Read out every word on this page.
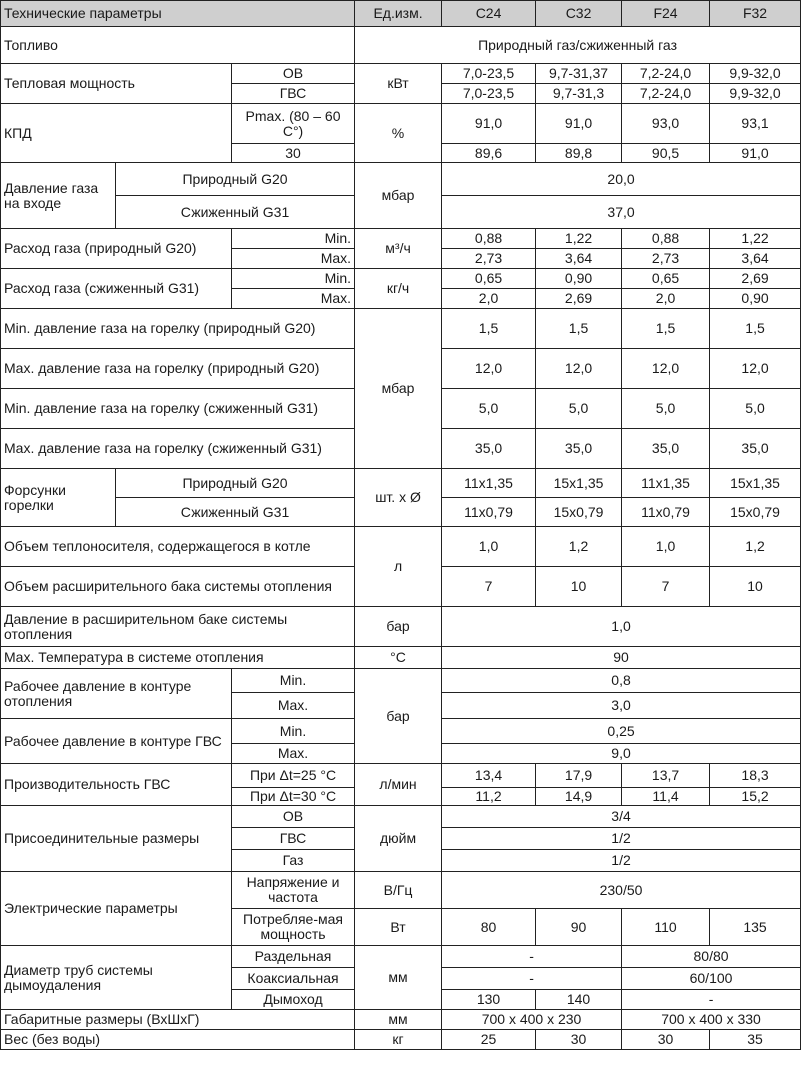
Технические параметры			Ед.изм.	C24	C32	F24	F32
Топливо			Природный газ/сжиженный газ				
Тепловая мощность		ОВ	кВт	7,0-23,5	9,7-31,37	7,2-24,0	9,9-32,0
		ГВС		7,0-23,5	9,7-31,3	7,2-24,0	9,9-32,0
КПД		Pmax. (80 – 60 С°)	%	91,0	91,0	93,0	93,1
		30		89,6	89,8	90,5	91,0
Давление газа на входе	Природный G20		мбар	20,0			
	Сжиженный G31			37,0			
Расход газа (природный G20)		Min.	м³/ч	0,88	1,22	0,88	1,22
		Max.		2,73	3,64	2,73	3,64
Расход газа (сжиженный G31)		Min.	кг/ч	0,65	0,90	0,65	2,69
		Max.		2,0	2,69	2,0	0,90
Min. давление газа на горелку (природный G20)			мбар	1,5	1,5	1,5	1,5
Max. давление газа на горелку (природный G20)				12,0	12,0	12,0	12,0
Min. давление газа на горелку (сжиженный G31)				5,0	5,0	5,0	5,0
Max. давление газа на горелку (сжиженный G31)				35,0	35,0	35,0	35,0
Форсунки горелки	Природный G20		шт. х Ø	11х1,35	15х1,35	11х1,35	15х1,35
	Сжиженный G31			11х0,79	15х0,79	11х0,79	15х0,79
Объем теплоносителя, содержащегося в котле			л	1,0	1,2	1,0	1,2
Объем расширительного бака системы отопления				7	10	7	10
Давление в расширительном баке системы отопления			бар	1,0			
Max. Температура в системе отопления			°С	90			
Рабочее давление в контуре отопления		Min.	бар	0,8			
		Max.		3,0			
Рабочее давление в контуре ГВС		Min.		0,25			
		Max.		9,0			
Производительность ГВС		При Δt=25 °С	л/мин	13,4	17,9	13,7	18,3
		При Δt=30 °С		11,2	14,9	11,4	15,2
Присоединительные размеры		ОВ	дюйм	3/4			
		ГВС		1/2			
		Газ		1/2			
Электрические параметры		Напряжение и частота	В/Гц	230/50			
		Потребляе-мая мощность	Вт	80	90	110	135
Диаметр труб системы дымоудаления		Раздельная	мм	-		80/80	
		Коаксиальная		-		60/100	
		Дымоход		130	140	-	
Габаритные размеры (ВхШхГ)			мм	700 х 400 х 230		700 х 400 х 330	
Вес (без воды)			кг	25	30	30	35
